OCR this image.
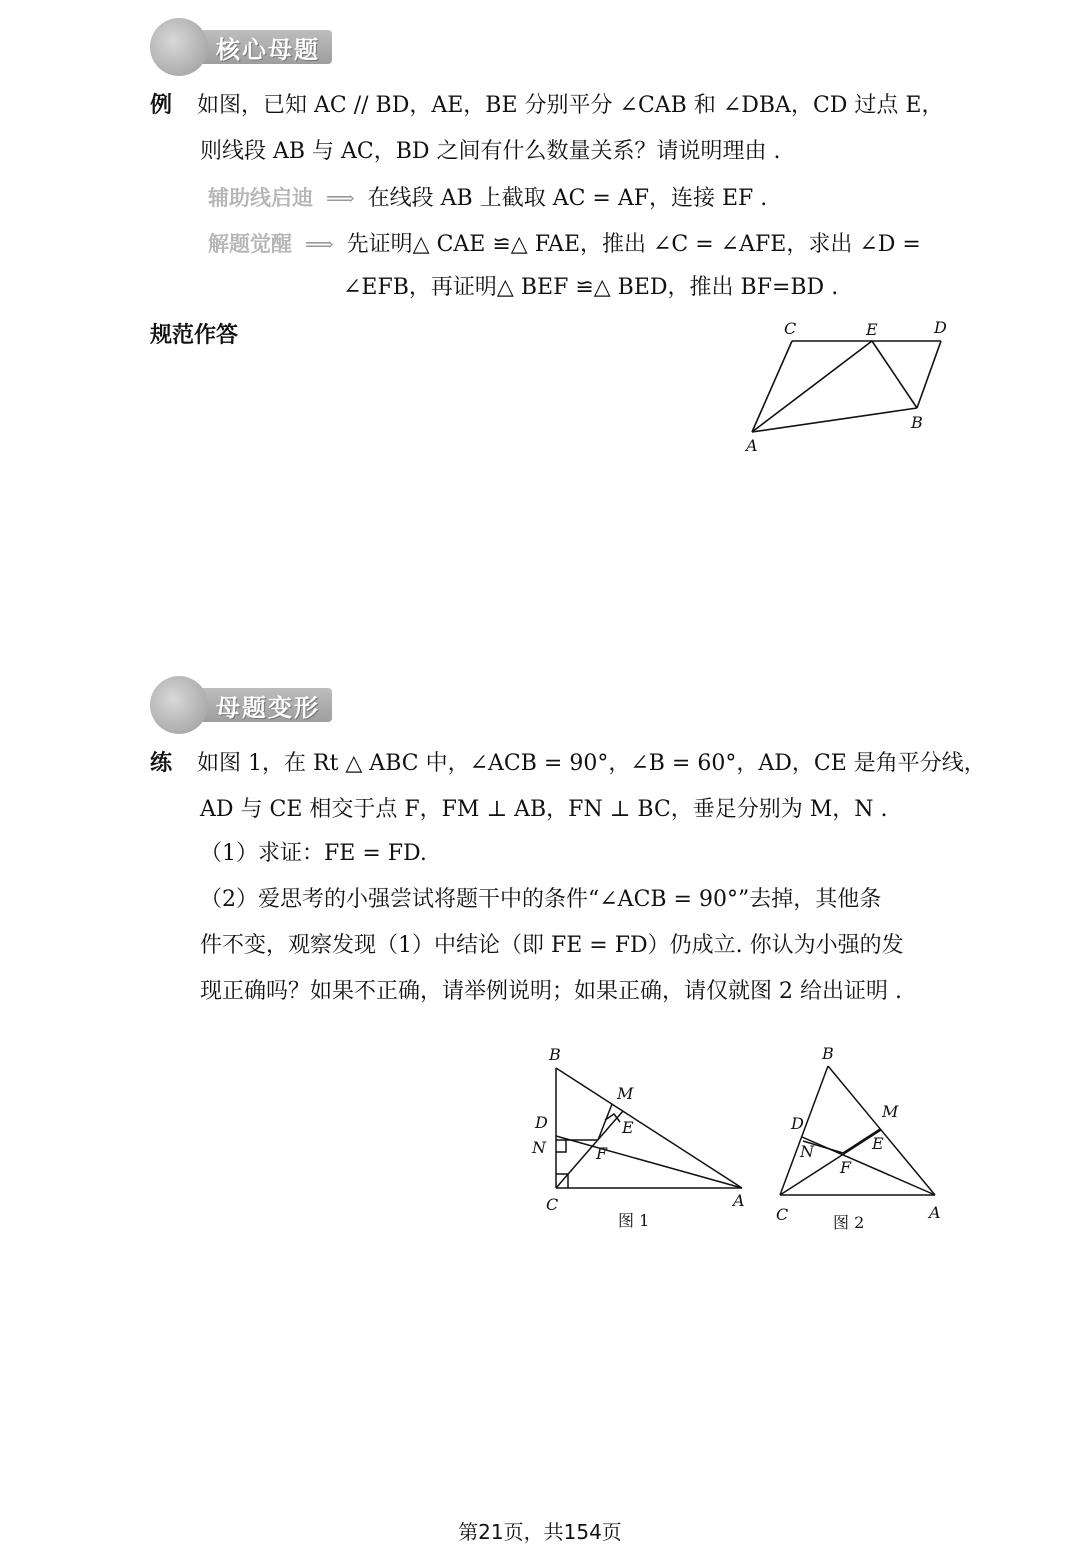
核心母题
例 如图，已知 AC // BD，AE，BE 分别平分 ∠CAB 和 ∠DBA，CD 过点 E，
则线段 AB 与 AC，BD 之间有什么数量关系？请说明理由 .
辅助线启迪 ⟹ 在线段 AB 上截取 AC = AF，连接 EF .
解题觉醒 ⟹ 先证明△ CAE ≌△ FAE，推出 ∠C = ∠AFE，求出 ∠D =
∠EFB，再证明△ BEF ≌△ BED，推出 BF=BD .
规范作答	C	E	D
B
A
母题变形
练 如图 1，在 Rt △ ABC 中，∠ACB = 90°，∠B = 60°，AD，CE 是角平分线，
AD 与 CE 相交于点 F，FM ⊥ AB，FN ⊥ BC，垂足分别为 M，N .
（1）求证：FE = FD.
（2）爱思考的小强尝试将题干中的条件“∠ACB = 90°”去掉，其他条
件不变，观察发现（1）中结论（即 FE = FD）仍成立. 你认为小强的发
现正确吗？如果不正确，请举例说明；如果正确，请仅就图 2 给出证明 .
B
M
D	E
N	F
C	A
图 1
B
M
D
E
N
F
C	A
图 2
第21页，共154页
